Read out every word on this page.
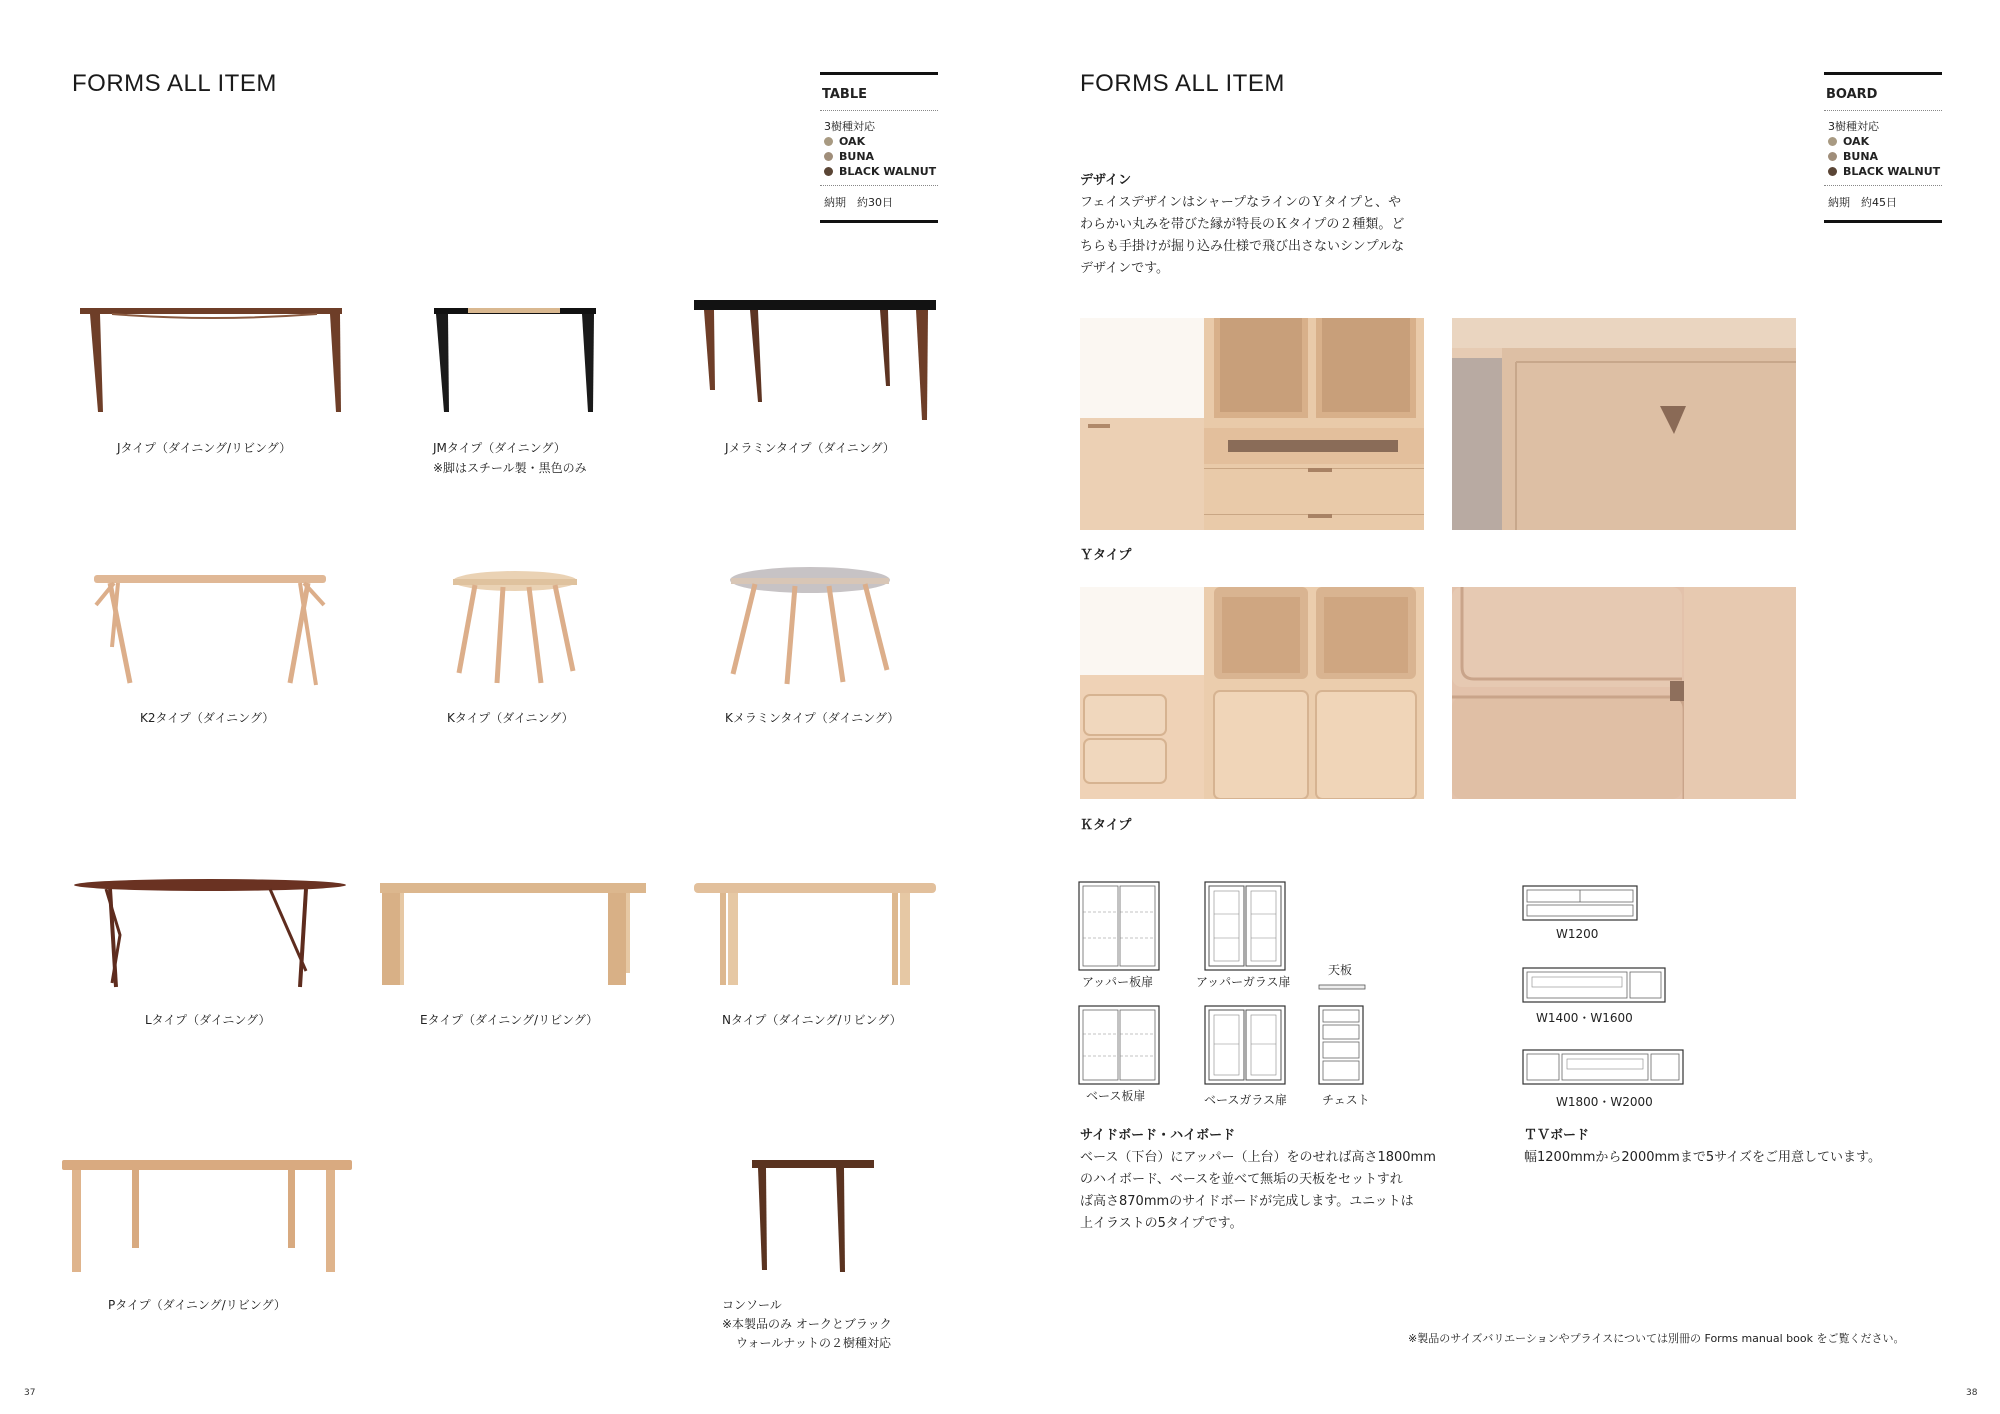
FORMS ALL ITEM	TABLE
3樹種対応
OAK
BUNA
BLACK WALNUT
納期　約30日
Jタイプ（ダイニング/リビング）	JMタイプ（ダイニング）
※脚はスチール製・黒色のみ
Jメラミンタイプ（ダイニング）
K2タイプ（ダイニング）	Kタイプ（ダイニング）	Kメラミンタイプ（ダイニング）
Lタイプ（ダイニング）	Eタイプ（ダイニング/リビング）	Nタイプ（ダイニング/リビング）
Pタイプ（ダイニング/リビング）	コンソール
※本製品のみ オークとブラック
ウォールナットの２樹種対応
37
FORMS ALL ITEM	BOARD
3樹種対応
OAK
BUNA
BLACK WALNUT
納期　約45日
デザイン
フェイスデザインはシャープなラインのＹタイプと、や
わらかい丸みを帯びた縁が特長のＫタイプの２種類。ど
ちらも手掛けが掘り込み仕様で飛び出さないシンプルな
デザインです。
Ｙタイプ
Ｋタイプ
アッパー板扉	アッパーガラス扉
天板
ベース板扉	ベースガラス扉	チェスト
W1200
W1400・W1600
W1800・W2000
サイドボード・ハイボード
ベース（下台）にアッパー（上台）をのせれば高さ1800mm
のハイボード、ベースを並べて無垢の天板をセットすれ
ば高さ870mmのサイドボードが完成します。ユニットは
上イラストの5タイプです。
ＴＶボード
幅1200mmから2000mmまで5サイズをご用意しています。
※製品のサイズバリエーションやプライスについては別冊の Forms manual book をご覧ください。
38
